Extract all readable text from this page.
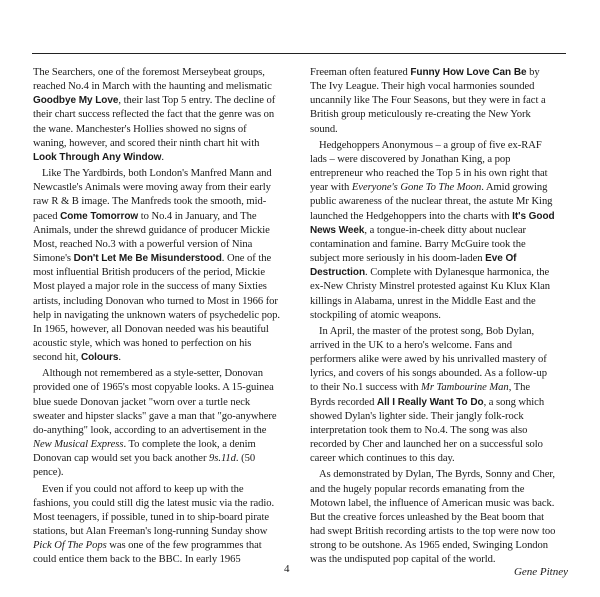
The Searchers, one of the foremost Merseybeat groups, reached No.4 in March with the haunting and melismatic Goodbye My Love, their last Top 5 entry. The decline of their chart success reflected the fact that the genre was on the wane. Manchester's Hollies showed no signs of waning, however, and scored their ninth chart hit with Look Through Any Window.

Like The Yardbirds, both London's Manfred Mann and Newcastle's Animals were moving away from their early raw R & B image. The Manfreds took the smooth, mid-paced Come Tomorrow to No.4 in January, and The Animals, under the shrewd guidance of producer Mickie Most, reached No.3 with a powerful version of Nina Simone's Don't Let Me Be Misunderstood. One of the most influential British producers of the period, Mickie Most played a major role in the success of many Sixties artists, including Donovan who turned to Most in 1966 for help in navigating the unknown waters of psychedelic pop. In 1965, however, all Donovan needed was his beautiful acoustic style, which was honed to perfection on his second hit, Colours.

Although not remembered as a style-setter, Donovan provided one of 1965's most copyable looks. A 15-guinea blue suede Donovan jacket "worn over a turtle neck sweater and hipster slacks" gave a man that "go-anywhere do-anything" look, according to an advertisement in the New Musical Express. To complete the look, a denim Donovan cap would set you back another 9s.11d. (50 pence).

Even if you could not afford to keep up with the fashions, you could still dig the latest music via the radio. Most teenagers, if possible, tuned in to ship-board pirate stations, but Alan Freeman's long-running Sunday show Pick Of The Pops was one of the few programmes that could entice them back to the BBC. In early 1965

Freeman often featured Funny How Love Can Be by The Ivy League. Their high vocal harmonies sounded uncannily like The Four Seasons, but they were in fact a British group meticulously re-creating the New York sound.

Hedgehoppers Anonymous – a group of five ex-RAF lads – were discovered by Jonathan King, a pop entrepreneur who reached the Top 5 in his own right that year with Everyone's Gone To The Moon. Amid growing public awareness of the nuclear threat, the astute Mr King launched the Hedgehoppers into the charts with It's Good News Week, a tongue-in-cheek ditty about nuclear contamination and famine. Barry McGuire took the subject more seriously in his doom-laden Eve Of Destruction. Complete with Dylanesque harmonica, the ex-New Christy Minstrel protested against Ku Klux Klan killings in Alabama, unrest in the Middle East and the stockpiling of atomic weapons.

In April, the master of the protest song, Bob Dylan, arrived in the UK to a hero's welcome. Fans and performers alike were awed by his unrivalled mastery of lyrics, and covers of his songs abounded. As a follow-up to their No.1 success with Mr Tambourine Man, The Byrds recorded All I Really Want To Do, a song which showed Dylan's lighter side. Their jangly folk-rock interpretation took them to No.4. The song was also recorded by Cher and launched her on a successful solo career which continues to this day.

As demonstrated by Dylan, The Byrds, Sonny and Cher, and the hugely popular records emanating from the Motown label, the influence of American music was back. But the creative forces unleashed by the Beat boom that had swept British recording artists to the top were now too strong to be outshone. As 1965 ended, Swinging London was the undisputed pop capital of the world.

4	Gene Pitney
